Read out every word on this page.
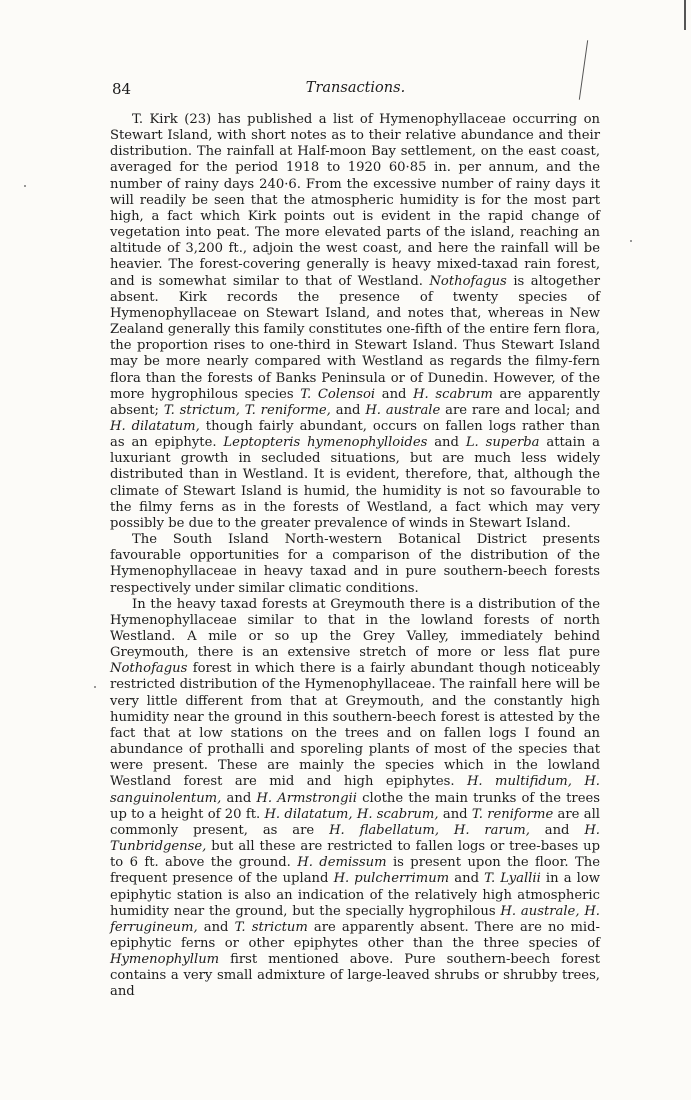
84	Transactions.

T. Kirk (23) has published a list of Hymenophyllaceae occurring on Stewart Island, with short notes as to their relative abundance and their distribution. The rainfall at Half-moon Bay settlement, on the east coast, averaged for the period 1918 to 1920 60·85 in. per annum, and the number of rainy days 240·6. From the excessive number of rainy days it will readily be seen that the atmospheric humidity is for the most part high, a fact which Kirk points out is evident in the rapid change of vegetation into peat. The more elevated parts of the island, reaching an altitude of 3,200 ft., adjoin the west coast, and here the rainfall will be heavier. The forest-covering generally is heavy mixed-taxad rain forest, and is somewhat similar to that of Westland. Nothofagus is altogether absent. Kirk records the presence of twenty species of Hymenophyllaceae on Stewart Island, and notes that, whereas in New Zealand generally this family constitutes one-fifth of the entire fern flora, the proportion rises to one-third in Stewart Island. Thus Stewart Island may be more nearly compared with Westland as regards the filmy-fern flora than the forests of Banks Peninsula or of Dunedin. However, of the more hygrophilous species T. Colensoi and H. scabrum are apparently absent; T. strictum, T. reniforme, and H. australe are rare and local; and H. dilatatum, though fairly abundant, occurs on fallen logs rather than as an epiphyte. Leptopteris hymenophylloides and L. superba attain a luxuriant growth in secluded situations, but are much less widely distributed than in Westland. It is evident, therefore, that, although the climate of Stewart Island is humid, the humidity is not so favourable to the filmy ferns as in the forests of Westland, a fact which may very possibly be due to the greater prevalence of winds in Stewart Island.

The South Island North-western Botanical District presents favourable opportunities for a comparison of the distribution of the Hymenophyllaceae in heavy taxad and in pure southern-beech forests respectively under similar climatic conditions.

In the heavy taxad forests at Greymouth there is a distribution of the Hymenophyllaceae similar to that in the lowland forests of north Westland. A mile or so up the Grey Valley, immediately behind Greymouth, there is an extensive stretch of more or less flat pure Nothofagus forest in which there is a fairly abundant though noticeably restricted distribution of the Hymenophyllaceae. The rainfall here will be very little different from that at Greymouth, and the constantly high humidity near the ground in this southern-beech forest is attested by the fact that at low stations on the trees and on fallen logs I found an abundance of prothalli and sporeling plants of most of the species that were present. These are mainly the species which in the lowland Westland forest are mid and high epiphytes. H. multifidum, H. sanguinolentum, and H. Armstrongii clothe the main trunks of the trees up to a height of 20 ft. H. dilatatum, H. scabrum, and T. reniforme are all commonly present, as are H. flabellatum, H. rarum, and H. Tunbridgense, but all these are restricted to fallen logs or tree-bases up to 6 ft. above the ground. H. demissum is present upon the floor. The frequent presence of the upland H. pulcherrimum and T. Lyallii in a low epiphytic station is also an indication of the relatively high atmospheric humidity near the ground, but the specially hygrophilous H. australe, H. ferrugineum, and T. strictum are apparently absent. There are no mid-epiphytic ferns or other epiphytes other than the three species of Hymenophyllum first mentioned above. Pure southern-beech forest contains a very small admixture of large-leaved shrubs or shrubby trees, and
